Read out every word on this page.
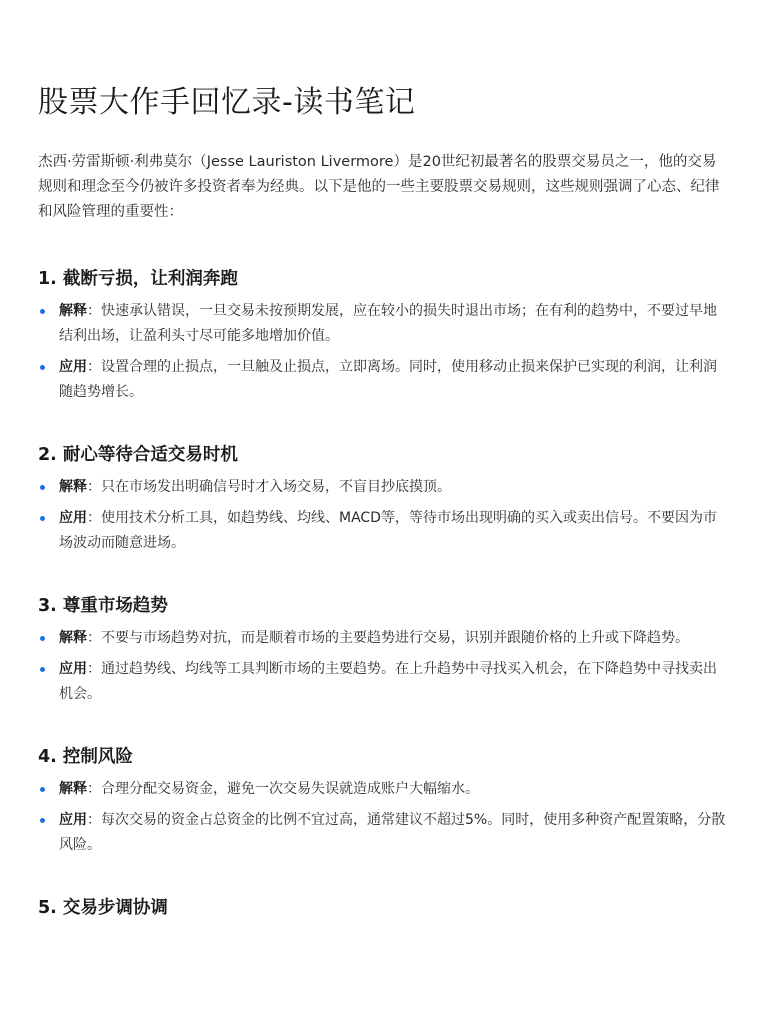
股票大作手回忆录-读书笔记

杰西·劳雷斯顿·利弗莫尔（Jesse Lauriston Livermore）是20世纪初最著名的股票交易员之一，他的交易规则和理念至今仍被许多投资者奉为经典。以下是他的一些主要股票交易规则，这些规则强调了心态、纪律和风险管理的重要性：

1. 截断亏损，让利润奔跑
解释：快速承认错误，一旦交易未按预期发展，应在较小的损失时退出市场；在有利的趋势中，不要过早地结利出场，让盈利头寸尽可能多地增加价值。
应用：设置合理的止损点，一旦触及止损点，立即离场。同时，使用移动止损来保护已实现的利润，让利润随趋势增长。
2. 耐心等待合适交易时机
解释：只在市场发出明确信号时才入场交易，不盲目抄底摸顶。
应用：使用技术分析工具，如趋势线、均线、MACD等，等待市场出现明确的买入或卖出信号。不要因为市场波动而随意进场。
3. 尊重市场趋势
解释：不要与市场趋势对抗，而是顺着市场的主要趋势进行交易，识别并跟随价格的上升或下降趋势。
应用：通过趋势线、均线等工具判断市场的主要趋势。在上升趋势中寻找买入机会，在下降趋势中寻找卖出机会。
4. 控制风险
解释：合理分配交易资金，避免一次交易失误就造成账户大幅缩水。
应用：每次交易的资金占总资金的比例不宜过高，通常建议不超过5%。同时，使用多种资产配置策略，分散风险。
5. 交易步调协调
